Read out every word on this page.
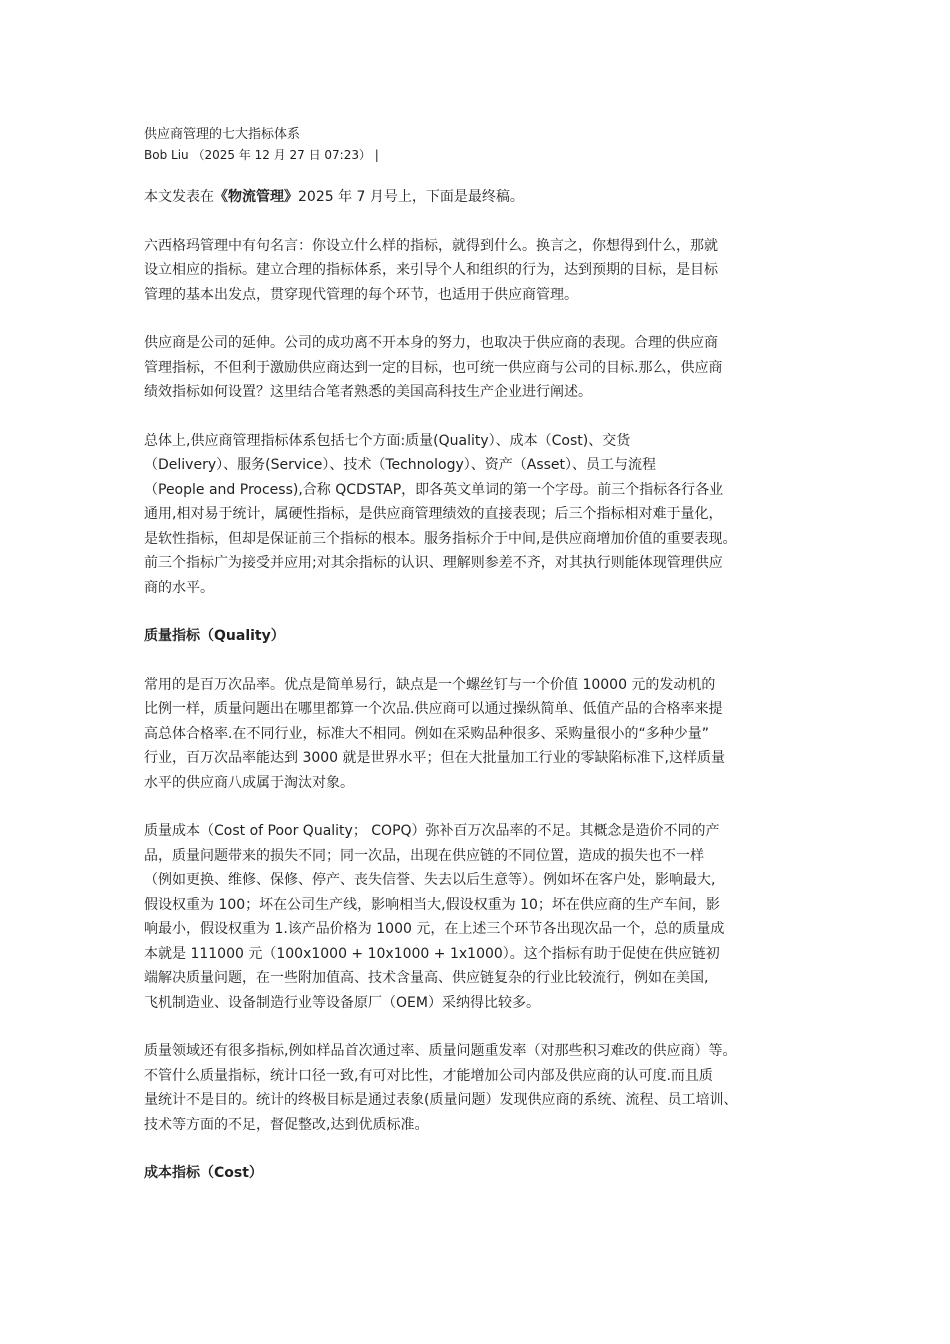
供应商管理的七大指标体系
Bob Liu （2025 年 12 月 27 日 07:23） |
本文发表在《物流管理》2025 年 7 月号上，下面是最终稿。
六西格玛管理中有句名言：你设立什么样的指标，就得到什么。换言之，你想得到什么，那就
设立相应的指标。建立合理的指标体系，来引导个人和组织的行为，达到预期的目标，是目标
管理的基本出发点，贯穿现代管理的每个环节，也适用于供应商管理。
供应商是公司的延伸。公司的成功离不开本身的努力，也取决于供应商的表现。合理的供应商
管理指标，不但利于激励供应商达到一定的目标，也可统一供应商与公司的目标.那么，供应商
绩效指标如何设置？这里结合笔者熟悉的美国高科技生产企业进行阐述。
总体上,供应商管理指标体系包括七个方面:质量(Quality）、成本（Cost)、交货
（Delivery）、服务(Service）、技术（Technology）、资产（Asset）、员工与流程
（People and Process),合称 QCDSTAP，即各英文单词的第一个字母。前三个指标各行各业
通用,相对易于统计，属硬性指标，是供应商管理绩效的直接表现；后三个指标相对难于量化，
是软性指标，但却是保证前三个指标的根本。服务指标介于中间,是供应商增加价值的重要表现。
前三个指标广为接受并应用;对其余指标的认识、理解则参差不齐，对其执行则能体现管理供应
商的水平。
质量指标（Quality）
常用的是百万次品率。优点是简单易行，缺点是一个螺丝钉与一个价值 10000 元的发动机的
比例一样，质量问题出在哪里都算一个次品.供应商可以通过操纵简单、低值产品的合格率来提
高总体合格率.在不同行业，标准大不相同。例如在采购品种很多、采购量很小的“多种少量”
行业，百万次品率能达到 3000 就是世界水平；但在大批量加工行业的零缺陷标准下,这样质量
水平的供应商八成属于淘汰对象。
质量成本（Cost of Poor Quality； COPQ）弥补百万次品率的不足。其概念是造价不同的产
品，质量问题带来的损失不同；同一次品，出现在供应链的不同位置，造成的损失也不一样
（例如更换、维修、保修、停产、丧失信誉、失去以后生意等）。例如坏在客户处，影响最大,
假设权重为 100；坏在公司生产线，影响相当大,假设权重为 10；坏在供应商的生产车间，影
响最小，假设权重为 1.该产品价格为 1000 元，在上述三个环节各出现次品一个，总的质量成
本就是 111000 元（100x1000 + 10x1000 + 1x1000）。这个指标有助于促使在供应链初
端解决质量问题，在一些附加值高、技术含量高、供应链复杂的行业比较流行，例如在美国,
飞机制造业、设备制造行业等设备原厂（OEM）采纳得比较多。
质量领域还有很多指标,例如样品首次通过率、质量问题重发率（对那些积习难改的供应商）等。
不管什么质量指标，统计口径一致,有可对比性，才能增加公司内部及供应商的认可度.而且质
量统计不是目的。统计的终极目标是通过表象(质量问题）发现供应商的系统、流程、员工培训、
技术等方面的不足，督促整改,达到优质标准。
成本指标（Cost）
